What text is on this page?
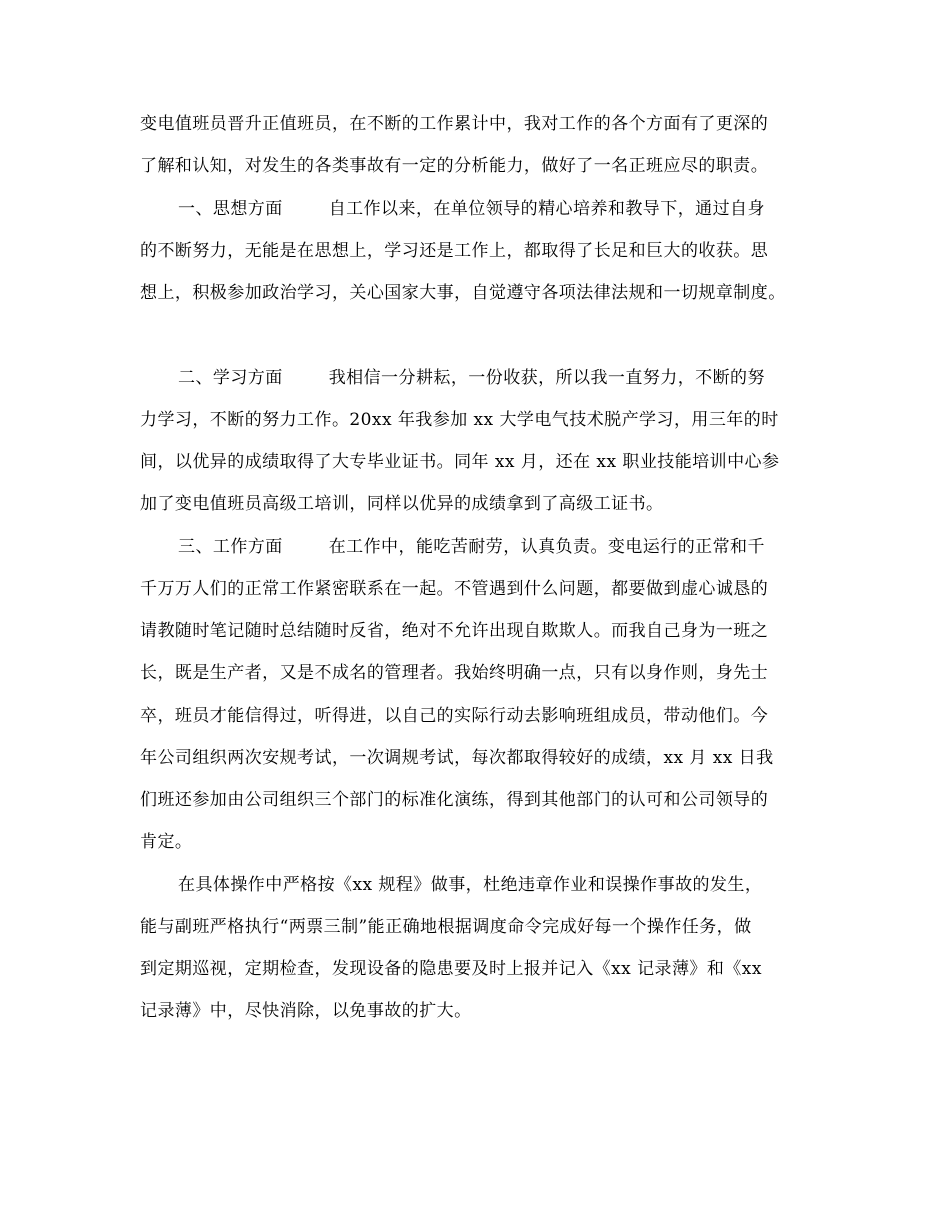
变电值班员晋升正值班员，在不断的工作累计中，我对工作的各个方面有了更深的
了解和认知，对发生的各类事故有一定的分析能力，做好了一名正班应尽的职责。
一、思想方面	自工作以来，在单位领导的精心培养和教导下，通过自身
的不断努力，无能是在思想上，学习还是工作上，都取得了长足和巨大的收获。思
想上，积极参加政治学习，关心国家大事，自觉遵守各项法律法规和一切规章制度。
二、学习方面	我相信一分耕耘，一份收获，所以我一直努力，不断的努
力学习，不断的努力工作。20xx 年我参加 xx 大学电气技术脱产学习，用三年的时
间，以优异的成绩取得了大专毕业证书。同年 xx 月，还在 xx 职业技能培训中心参
加了变电值班员高级工培训，同样以优异的成绩拿到了高级工证书。
三、工作方面	在工作中，能吃苦耐劳，认真负责。变电运行的正常和千
千万万人们的正常工作紧密联系在一起。不管遇到什么问题，都要做到虚心诚恳的
请教随时笔记随时总结随时反省，绝对不允许出现自欺欺人。而我自己身为一班之
长，既是生产者，又是不成名的管理者。我始终明确一点，只有以身作则，身先士
卒，班员才能信得过，听得进，以自己的实际行动去影响班组成员，带动他们。今
年公司组织两次安规考试，一次调规考试，每次都取得较好的成绩，xx 月 xx 日我
们班还参加由公司组织三个部门的标准化演练，得到其他部门的认可和公司领导的
肯定。
在具体操作中严格按《xx 规程》做事，杜绝违章作业和误操作事故的发生，
能与副班严格执行“两票三制”能正确地根据调度命令完成好每一个操作任务，做
到定期巡视，定期检查，发现设备的隐患要及时上报并记入《xx 记录薄》和《xx
记录薄》中，尽快消除，以免事故的扩大。
